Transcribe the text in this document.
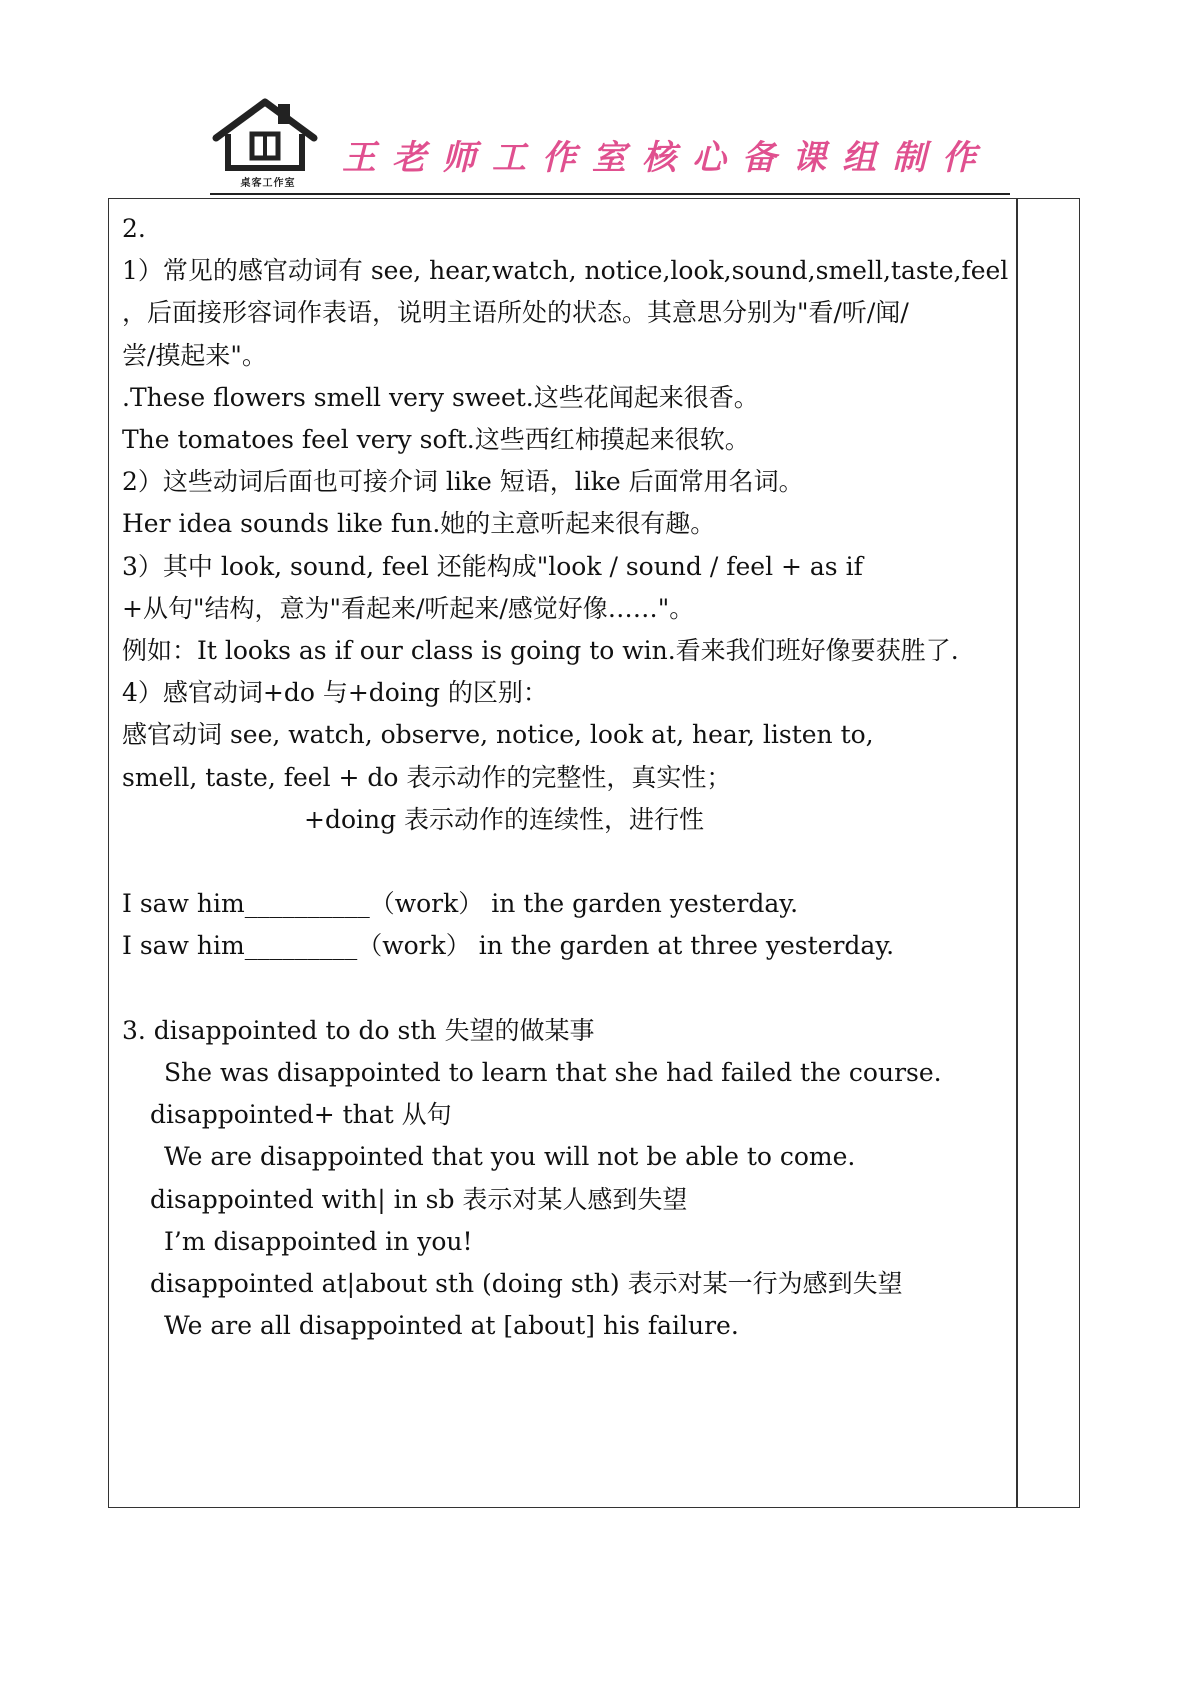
桌客工作室
王老师工作室核心备课组制作

2.

1）常见的感官动词有 see, hear,watch, notice,look,sound,smell,taste,feel

，后面接形容词作表语，说明主语所处的状态。其意思分别为"看/听/闻/

尝/摸起来"。

.These flowers smell very sweet.这些花闻起来很香。

The tomatoes feel very soft.这些西红柿摸起来很软。

2）这些动词后面也可接介词 like 短语，like 后面常用名词。

Her idea sounds like fun.她的主意听起来很有趣。

3）其中 look, sound, feel 还能构成"look / sound / feel + as if

+从句"结构，意为"看起来/听起来/感觉好像……"。

例如：It looks as if our class is going to win.看来我们班好像要获胜了.

4）感官动词+do 与+doing 的区别：

感官动词 see, watch, observe, notice, look at, hear, listen to,

smell, taste, feel + do 表示动作的完整性，真实性；

+doing 表示动作的连续性，进行性

I saw him__________（work） in the garden yesterday.

I saw him_________（work） in the garden at three yesterday.

3. disappointed to do sth 失望的做某事

She was disappointed to learn that she had failed the course.

disappointed+ that 从句

We are disappointed that you will not be able to come.

disappointed with| in sb 表示对某人感到失望

I’m disappointed in you!

disappointed at|about sth (doing sth) 表示对某一行为感到失望

We are all disappointed at [about] his failure.
